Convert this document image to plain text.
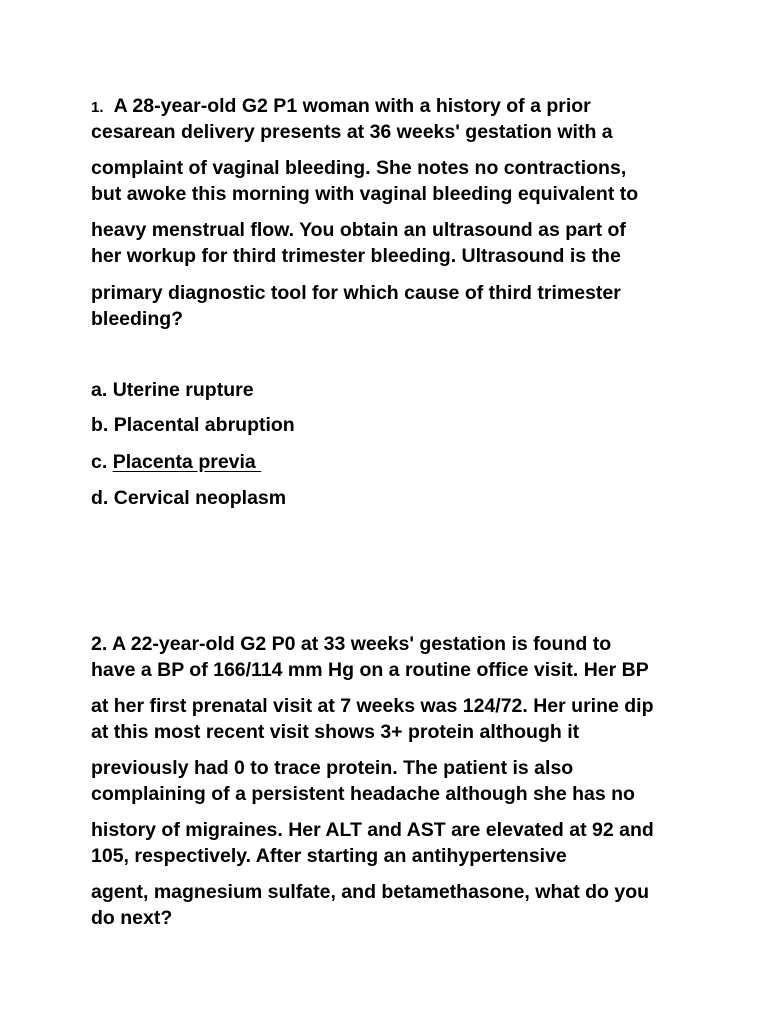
1. A 28-year-old G2 P1 woman with a history of a prior
cesarean delivery presents at 36 weeks' gestation with a
complaint of vaginal bleeding. She notes no contractions,
but awoke this morning with vaginal bleeding equivalent to
heavy menstrual flow. You obtain an ultrasound as part of
her workup for third trimester bleeding. Ultrasound is the
primary diagnostic tool for which cause of third trimester
bleeding?
a. Uterine rupture
b. Placental abruption
c. Placenta previa
d. Cervical neoplasm
2. A 22-year-old G2 P0 at 33 weeks' gestation is found to
have a BP of 166/114 mm Hg on a routine office visit. Her BP
at her first prenatal visit at 7 weeks was 124/72. Her urine dip
at this most recent visit shows 3+ protein although it
previously had 0 to trace protein. The patient is also
complaining of a persistent headache although she has no
history of migraines. Her ALT and AST are elevated at 92 and
105, respectively. After starting an antihypertensive
agent, magnesium sulfate, and betamethasone, what do you
do next?
